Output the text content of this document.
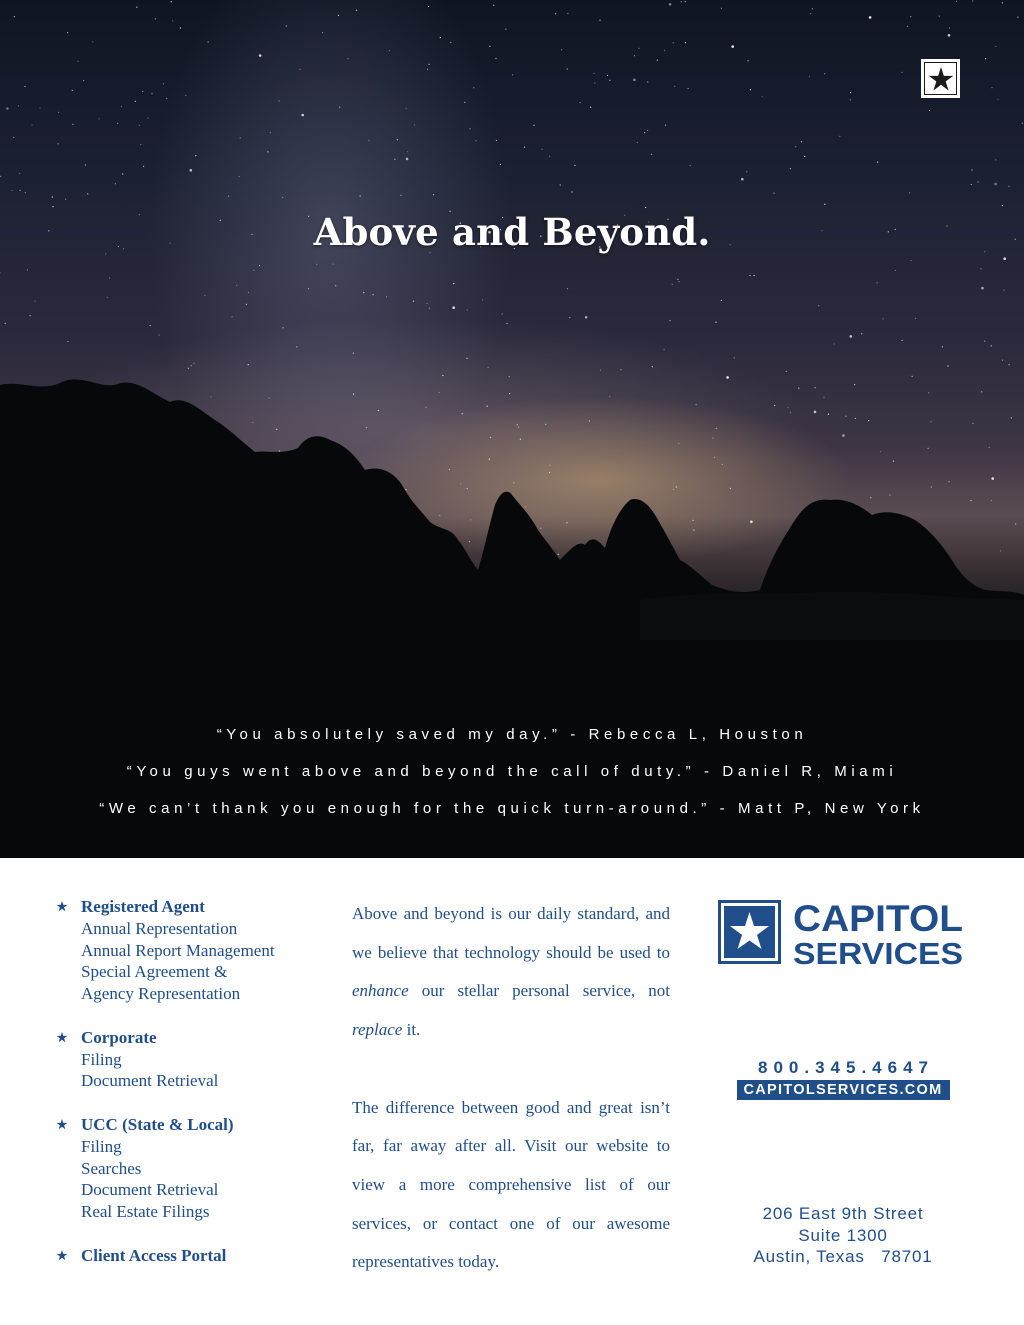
Above and Beyond.
“You absolutely saved my day.” - Rebecca L, Houston
“You guys went above and beyond the call of duty.” - Daniel R, Miami
“We can’t thank you enough for the quick turn-around.” - Matt P, New York
Registered Agent
Annual Representation
Annual Report Management
Special Agreement &
Agency Representation
Corporate
Filing
Document Retrieval
UCC (State & Local)
Filing
Searches
Document Retrieval
Real Estate Filings
Client Access Portal

Above and beyond is our daily standard, and we believe that technology should be used to enhance our stellar personal service, not replace it.

The difference between good and great isn’t far, far away after all. Visit our website to view a more comprehensive list of our services, or contact one of our awesome representatives today.

CAPITOL
SERVICES
800.345.4647
CAPITOLSERVICES.COM
206 East 9th Street
Suite 1300
Austin, Texas   78701
